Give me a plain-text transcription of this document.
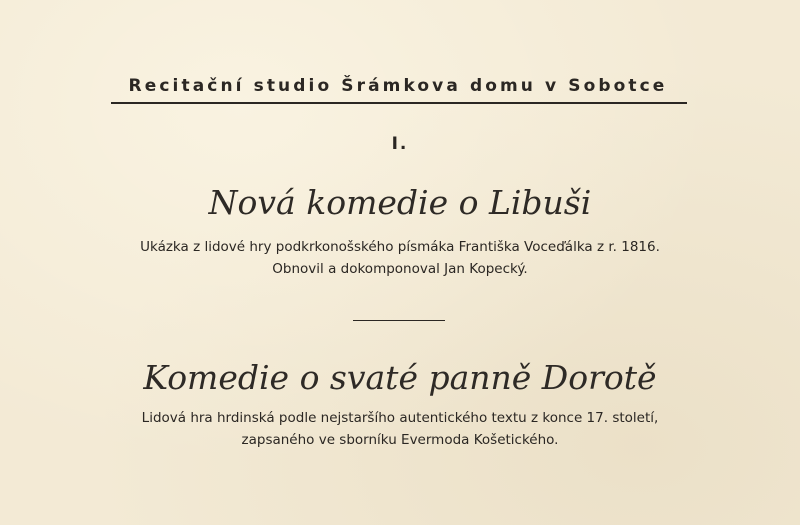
Recitační studio Šrámkova domu v Sobotce
I.
Nová komedie o Libuši
Ukázka z lidové hry podkrkonošského písmáka Františka Voceďálka z r. 1816.
Obnovil a dokomponoval Jan Kopecký.
Komedie o svaté panně Dorotě
Lidová hra hrdinská podle nejstaršího autentického textu z konce 17. století,
zapsaného ve sborníku Evermoda Košetického.
